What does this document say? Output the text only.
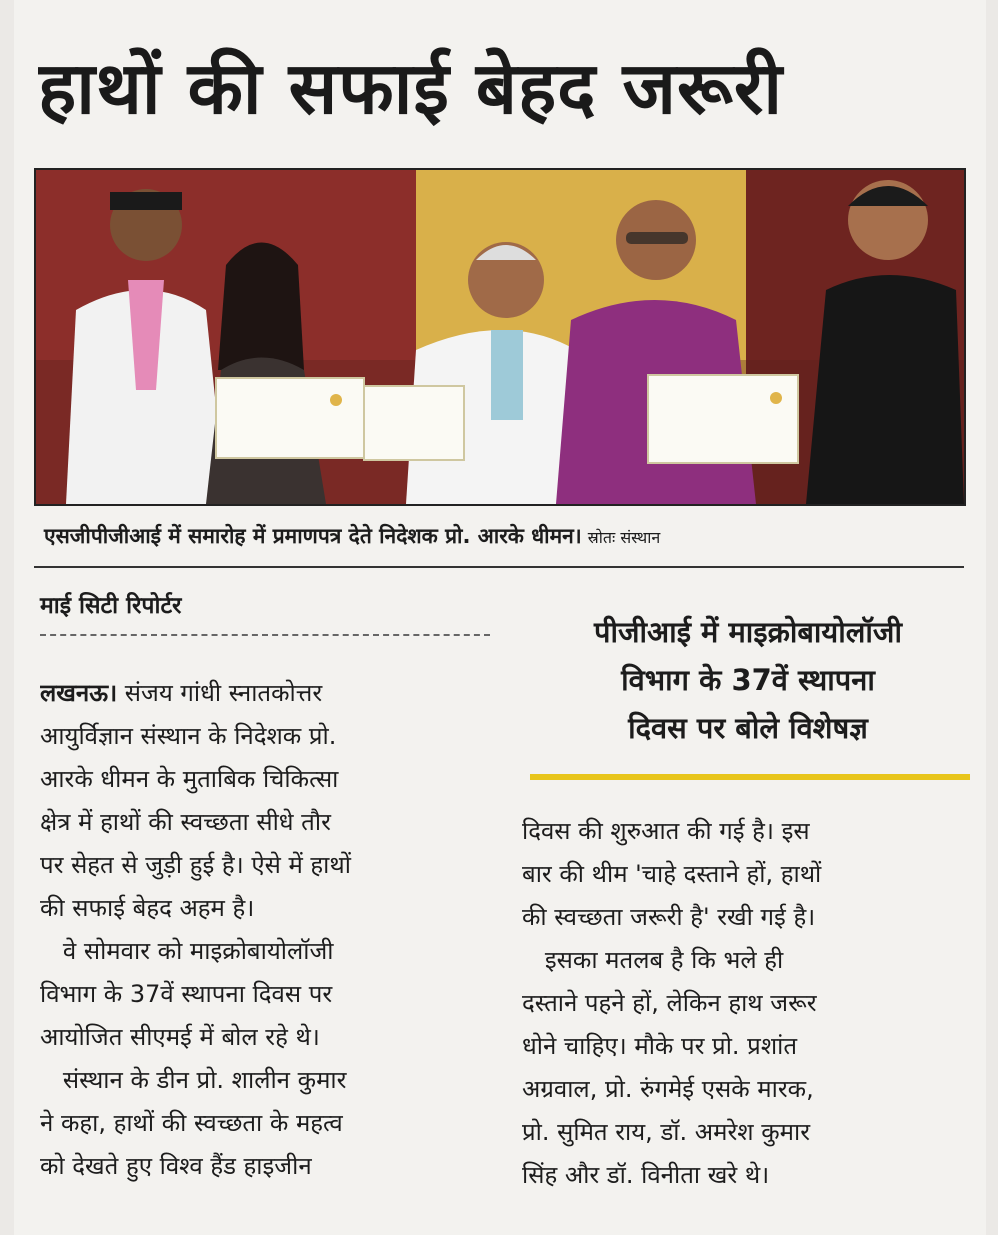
हाथों की सफाई बेहद जरूरी
एसजीपीजीआई में समारोह में प्रमाणपत्र देते निदेशक प्रो. आरके धीमन। स्रोतः संस्थान
माई सिटी रिपोर्टर
लखनऊ। संजय गांधी स्नातकोत्तर
आयुर्विज्ञान संस्थान के निदेशक प्रो.
आरके धीमन के मुताबिक चिकित्सा
क्षेत्र में हाथों की स्वच्छता सीधे तौर
पर सेहत से जुड़ी हुई है। ऐसे में हाथों
की सफाई बेहद अहम है।
वे सोमवार को माइक्रोबायोलॉजी
विभाग के 37वें स्थापना दिवस पर
आयोजित सीएमई में बोल रहे थे।
संस्थान के डीन प्रो. शालीन कुमार
ने कहा, हाथों की स्वच्छता के महत्व
को देखते हुए विश्व हैंड हाइजीन
पीजीआई में माइक्रोबायोलॉजी
विभाग के 37वें स्थापना
दिवस पर बोले विशेषज्ञ
दिवस की शुरुआत की गई है। इस
बार की थीम 'चाहे दस्ताने हों, हाथों
की स्वच्छता जरूरी है' रखी गई है।
इसका मतलब है कि भले ही
दस्ताने पहने हों, लेकिन हाथ जरूर
धोने चाहिए। मौके पर प्रो. प्रशांत
अग्रवाल, प्रो. रुंगमेई एसके मारक,
प्रो. सुमित राय, डॉ. अमरेश कुमार
सिंह और डॉ. विनीता खरे थे।
